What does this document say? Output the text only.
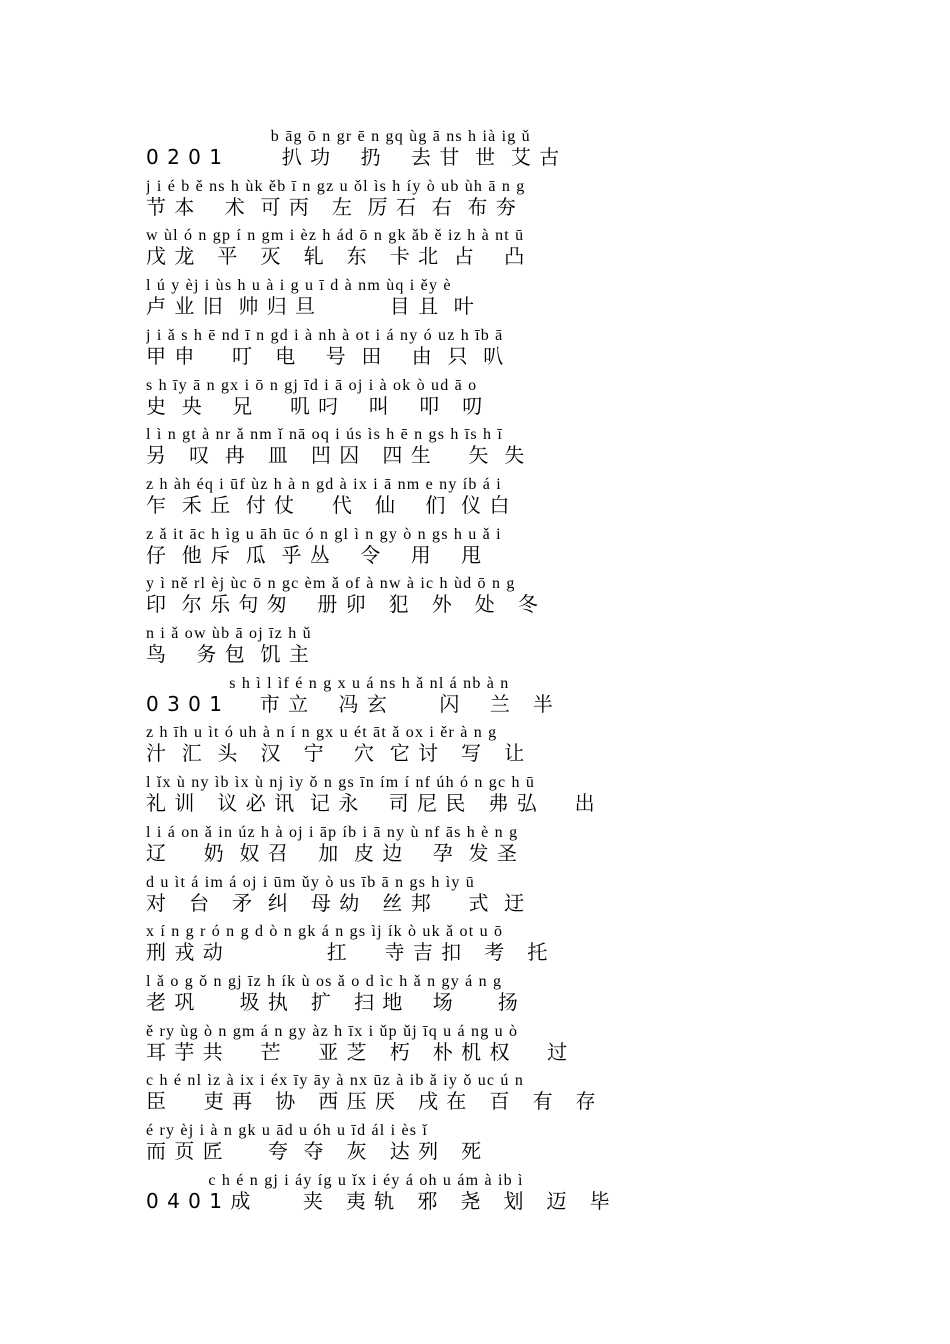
b āg ō n gr ē n gq ùg ā ns h ià ig ǔ
0 2 0 1        扒 功    扔    去 甘  世  艾 古
j i é b ě ns h ùk ěb ī n gz u ǒl ìs h íy ò ub ùh ā n g
节 本    术  可 丙   左  厉 石  右  布 夯
w ùl ó n gp í n gm i èz h ád ō n gk ǎb ě iz h à nt ū
戊 龙   平   灭   轧   东   卡 北  占    凸
l ú y èj i ùs h u à i g u ī d à nm ùq i ěy è
卢 业 旧  帅 归 旦          目 且  叶
j i ǎ s h ē nd ī n gd i à nh à ot i á ny ó uz h īb ā
甲 申     叮   电    号  田    由  只  叭
s h īy ā n gx i ō n gj īd i ā oj i à ok ò ud ā o
史  央    兄     叽 叼    叫    叩   叨
l ì n gt à nr ǎ nm ǐ nā oq i ús ìs h ē n gs h īs h ī
另   叹  冉   皿   凹 囚   四 生     矢  失
z h àh éq i ūf ùz h à n gd à ix i ā nm e ny íb á i
乍  禾 丘  付 仗     代   仙    们  仪 白
z ǎ it āc h ìg u āh ūc ó n gl ì n gy ò n gs h u ǎ i
仔  他 斥  瓜  乎 丛    令    用    甩
y ì ně rl èj ùc ō n gc èm ǎ of à nw à ic h ùd ō n g
印  尔 乐 句 匆    册 卯   犯   外   处   冬
n i ǎ ow ùb ā oj īz h ǔ
鸟    务 包  饥 主
s h ì l ìf é n g x u á ns h ǎ nl á nb à n
0 3 0 1     市 立    冯 玄       闪    兰   半
z h īh u ìt ó uh à n í n gx u ét āt ǎ ox i ěr à n g
汁  汇  头   汉   宁    穴  它 讨   写   让
l ǐx ù ny ìb ìx ù nj ìy ǒ n gs īn ím í nf úh ó n gc h ū
礼 训   议 必 讯  记 永    司 尼 民   弗 弘     出
l i á on ǎ in úz h à oj i āp íb i ā ny ù nf ās h è n g
辽     奶  奴 召    加  皮 边    孕  发 圣
d u ìt á im á oj i ūm ǔy ò us īb ā n gs h ìy ū
对   台   矛  纠   母 幼   丝 邦     式  迂
x í n g r ó n g d ò n gk á n gs ìj ík ò uk ǎ ot u ō
刑 戎 动              扛     寺 吉 扣   考   托
l ǎ o g ǒ n gj īz h ík ù os ǎ o d ìc h ǎ n gy á n g
老 巩      圾 执   扩   扫 地    场      扬
ě ry ùg ò n gm á n gy àz h īx i ǔp ǔj īq u á ng u ò
耳 芋 共     芒     亚 芝   朽   朴 机 权     过
c h é nl ìz à ix i éx īy āy à nx ūz à ib ǎ iy ǒ uc ú n
臣     吏 再   协   西 压 厌   戌 在   百   有   存
é ry èj i à n gk u ād u óh u īd ál i ès ǐ
而 页 匠      夸  夺   灰   达 列   死
c h é n gj i áy íg u ǐx i éy á oh u ám à ib ì
0 4 0 1 成       夹   夷 轨   邪   尧   划   迈   毕
